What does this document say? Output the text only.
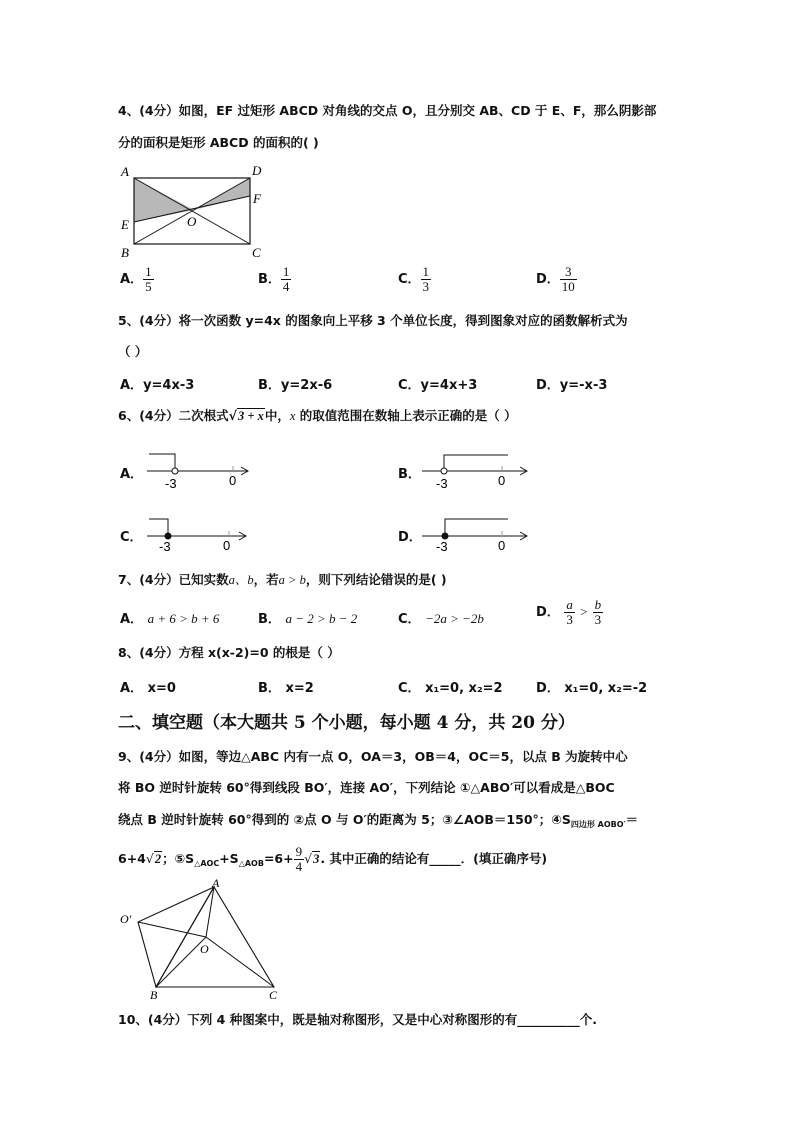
4、(4分）如图，EF 过矩形 ABCD 对角线的交点 O，且分别交 AB、CD 于 E、F，那么阴影部
分的面积是矩形 ABCD 的面积的( )
A	D
E
F
O
B	C
A． $\frac{1}{5}$	B． $\frac{1}{4}$	C． $\frac{1}{3}$	D． $\frac{3}{10}$
5、(4分）将一次函数 y=4x 的图象向上平移 3 个单位长度，得到图象对应的函数解析式为
（ ）
A．y=4x-3	B．y=2x-6	C．y=4x+3	D．y=-x-3
6、(4分）二次根式√3 + x中，x 的取值范围在数轴上表示正确的是（ ）
A．
-3	0	B．
-3	0
C．
-3	0
D．
-3	0
7、(4分）已知实数a、b，若a > b，则下列结论错误的是( )
A． a + 6 > b + 6	B． a − 2 > b − 2	C． −2a > −2b	D． $\frac{a}{3} > \frac{b}{3}$
8、(4分）方程 x(x-2)=0 的根是（ ）
A． x=0	B． x=2	C． x₁=0, x₂=2	D． x₁=0, x₂=-2
二、填空题（本大题共 5 个小题，每小题 4 分，共 20 分）
9、(4分）如图，等边△ABC 内有一点 O，OA＝3，OB＝4，OC＝5，以点 B 为旋转中心
将 BO 逆时针旋转 60°得到线段 BO′，连接 AO′，下列结论 ①△ABO′可以看成是△BOC
绕点 B 逆时针旋转 60°得到的 ②点 O 与 O′的距离为 5；③∠AOB＝150°；$④S_{四边形 AOBO'}=$
6+4√2；$⑤S_{\triangle AOC}+S_{\triangle AOB}=6+ \frac{9}{4} √3$. 其中正确的结论有_____．(填正确序号)
A
O′
O
B	C
10、(4分）下列 4 种图案中，既是轴对称图形，又是中心对称图形的有__________个.
